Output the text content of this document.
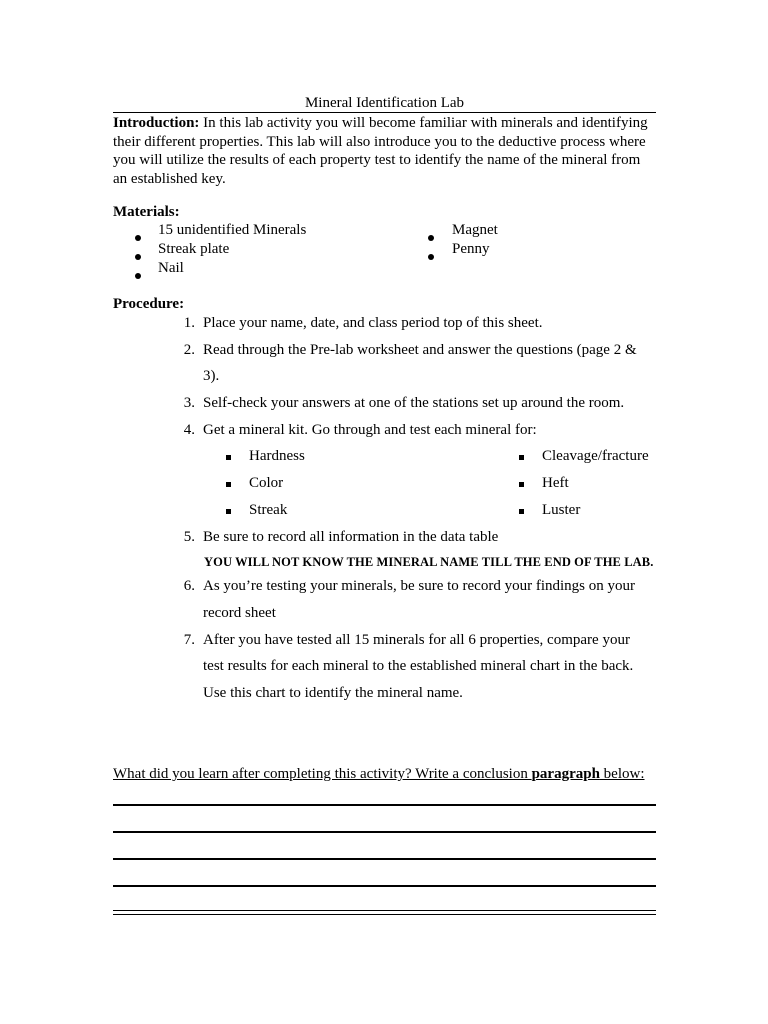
Mineral Identification Lab
Introduction: In this lab activity you will become familiar with minerals and identifying their different properties. This lab will also introduce you to the deductive process where you will utilize the results of each property test to identify the name of the mineral from an established key.
Materials:
15 unidentified Minerals
Streak plate
Nail
Magnet
Penny
Procedure:
1. Place your name, date, and class period top of this sheet.
2. Read through the Pre-lab worksheet and answer the questions (page 2 &
3).
3. Self-check your answers at one of the stations set up around the room.
4. Get a mineral kit. Go through and test each mineral for:
Hardness
Color
Streak
Cleavage/fracture
Heft
Luster
5. Be sure to record all information in the data table
YOU WILL NOT KNOW THE MINERAL NAME TILL THE END OF THE LAB.
6. As you’re testing your minerals, be sure to record your findings on your
record sheet
7. After you have tested all 15 minerals for all 6 properties, compare your
test results for each mineral to the established mineral chart in the back.
Use this chart to identify the mineral name.
What did you learn after completing this activity? Write a conclusion paragraph below:
